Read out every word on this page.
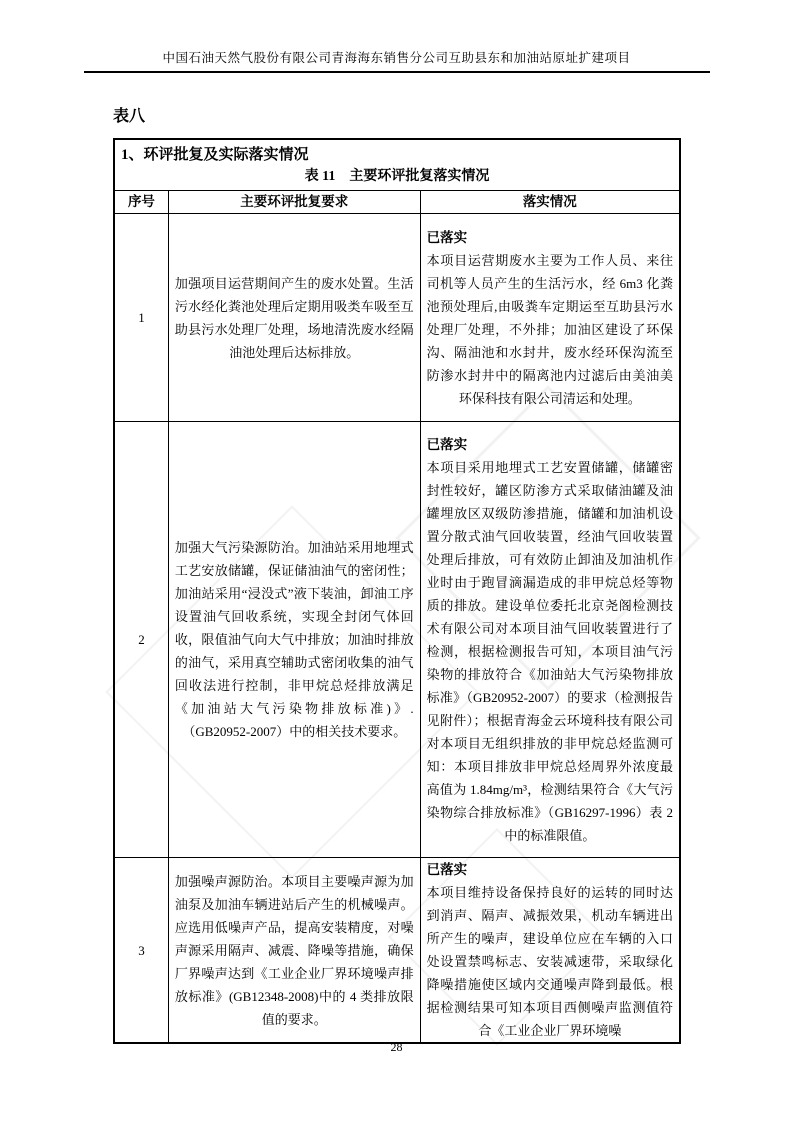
中国石油天然气股份有限公司青海海东销售分公司互助县东和加油站原址扩建项目
表八
1、环评批复及实际落实情况
表 11　主要环评批复落实情况		

序号	主要环评批复要求	落实情况
1	加强项目运营期间产生的废水处置。生活污水经化粪池处理后定期用吸类车吸至互助县污水处理厂处理，场地清洗废水经隔油池处理后达标排放。	已落实
本项目运营期废水主要为工作人员、来往司机等人员产生的生活污水，经 6m3 化粪池预处理后,由吸粪车定期运至互助县污水处理厂处理，不外排；加油区建设了环保沟、隔油池和水封井，废水经环保沟流至防渗水封井中的隔离池内过滤后由美油美环保科技有限公司清运和处理。

2	加强大气污染源防治。加油站采用地埋式工艺安放储罐，保证储油油气的密闭性；加油站采用“浸没式”液下装油，卸油工序设置油气回收系统，实现全封闭气体回收，限值油气向大气中排放；加油时排放的油气，采用真空辅助式密闭收集的油气回收法进行控制，非甲烷总烃排放满足《加油站大气污染物排放标准)》.（GB20952-2007）中的相关技术要求。	已落实
本项目采用地埋式工艺安置储罐，储罐密封性较好，罐区防渗方式采取储油罐及油罐埋放区双级防渗措施，储罐和加油机设置分散式油气回收装置，经油气回收装置处理后排放，可有效防止卸油及加油机作业时由于跑冒滴漏造成的非甲烷总烃等物质的排放。建设单位委托北京尧阁检测技术有限公司对本项目油气回收装置进行了检测，根据检测报告可知，本项目油气污染物的排放符合《加油站大气污染物排放标准》（GB20952-2007）的要求（检测报告见附件）；根据青海金云环境科技有限公司对本项目无组织排放的非甲烷总烃监测可知：本项目排放非甲烷总烃周界外浓度最高值为 1.84mg/m³，检测结果符合《大气污染物综合排放标准》（GB16297-1996）表 2 中的标准限值。

3	加强噪声源防治。本项目主要噪声源为加油泵及加油车辆进站后产生的机械噪声。应选用低噪声产品，提高安装精度，对噪声源采用隔声、减震、降噪等措施，确保厂界噪声达到《工业企业厂界环境噪声排放标准》(GB12348-2008)中的 4 类排放限值的要求。	已落实
本项目维持设备保持良好的运转的同时达到消声、隔声、减振效果，机动车辆进出所产生的噪声，建设单位应在车辆的入口处设置禁鸣标志、安装减速带，采取绿化降噪措施使区域内交通噪声降到最低。根据检测结果可知本项目西侧噪声监测值符合《工业企业厂界环境噪
28
